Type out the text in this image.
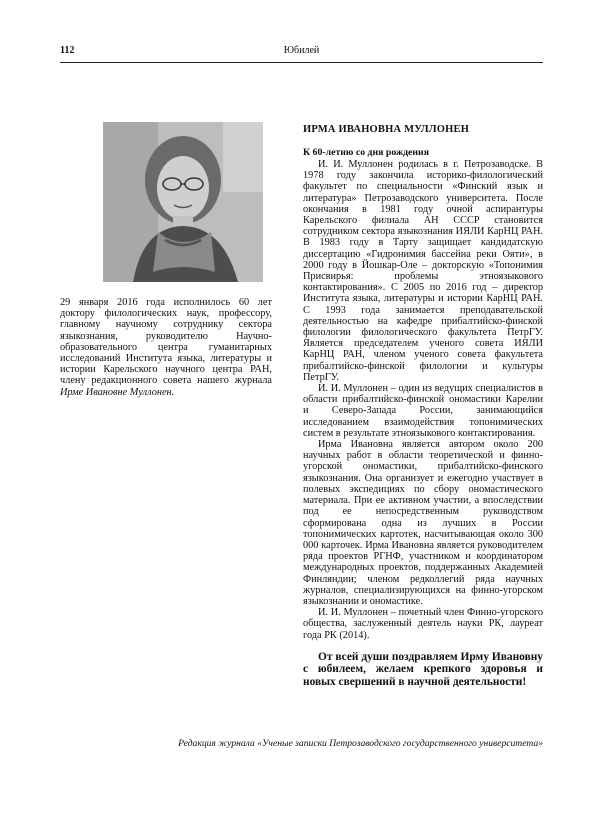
112	Юбилей
29 января 2016 года исполнилось 60 лет доктору филологических наук, профессору, главному научному сотруднику сектора языкознания, руководителю Научно-образовательного центра гуманитарных исследований Института языка, литературы и истории Карельского научного центра РАН, члену редакционного совета нашего журнала Ирме Ивановне Муллонен.
ИРМА ИВАНОВНА МУЛЛОНЕН
К 60-летию со дня рождения

И. И. Муллонен родилась в г. Петрозаводске. В 1978 году закончила историко-филологический факультет по специальности «Финский язык и литература» Петрозаводского университета. После окончания в 1981 году очной аспирантуры Карельского филиала АН СССР становится сотрудником сектора языкознания ИЯЛИ КарНЦ РАН. В 1983 году в Тарту защищает кандидатскую диссертацию «Гидронимия бассейна реки Ояти», в 2000 году в Йошкар-Оле – докторскую «Топонимия Присвирья: проблемы этноязыкового контактирования». С 2005 по 2016 год – директор Института языка, литературы и истории КарНЦ РАН. С 1993 года занимается преподавательской деятельностью на кафедре прибалтийско-финской филологии филологического факультета ПетрГУ. Является председателем ученого совета ИЯЛИ КарНЦ РАН, членом ученого совета факультета прибалтийско-финской филологии и культуры ПетрГУ.

И. И. Муллонен – один из ведущих специалистов в области прибалтийско-финской ономастики Карелии и Северо-Запада России, занимающийся исследованием взаимодействия топонимических систем в результате этноязыкового контактирования.

Ирма Ивановна является автором около 200 научных работ в области теоретической и финно-угорской ономастики, прибалтийско-финского языкознания. Она организует и ежегодно участвует в полевых экспедициях по сбору ономастического материала. При ее активном участии, а впоследствии под ее непосредственным руководством сформирована одна из лучших в России топонимических картотек, насчитывающая около 300 000 карточек. Ирма Ивановна является руководителем ряда проектов РГНФ, участником и координатором международных проектов, поддержанных Академией Финляндии; членом редколлегий ряда научных журналов, специализирующихся на финно-угорском языкознании и ономастике.

И. И. Муллонен – почетный член Финно-угорского общества, заслуженный деятель науки РК, лауреат года РК (2014).

От всей души поздравляем Ирму Ивановну с юбилеем, желаем крепкого здоровья и новых свершений в научной деятельности!

Редакция журнала «Ученые записки Петрозаводского государственного университета»
